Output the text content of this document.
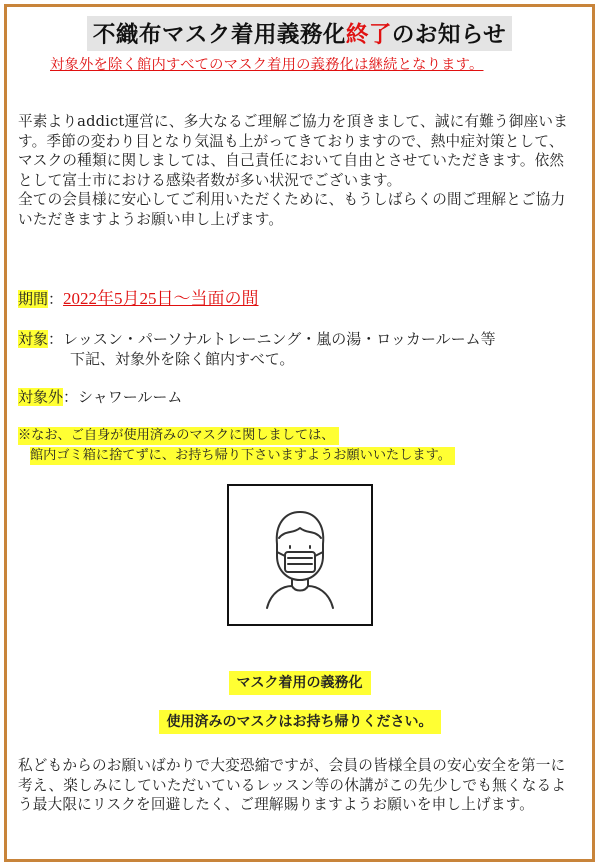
不織布マスク着用義務化終了のお知らせ
対象外を除く館内すべてのマスク着用の義務化は継続となります。
平素よりaddict運営に、多大なるご理解ご協力を頂きまして、誠に有難う御座います。季節の変わり目となり気温も上がってきておりますので、熱中症対策として、マスクの種類に関しましては、自己責任において自由とさせていただきます。依然として富士市における感染者数が多い状況でございます。
全ての会員様に安心してご利用いただくために、もうしばらくの間ご理解とご協力いただきますようお願い申し上げます。
期間：2022年5月25日〜当面の間
対象：レッスン・パーソナルトレーニング・嵐の湯・ロッカールーム等
下記、対象外を除く館内すべて。
対象外：シャワールーム
※なお、ご自身が使用済みのマスクに関しましては、
館内ゴミ箱に捨てずに、お持ち帰り下さいますようお願いいたします。
マスク着用の義務化
使用済みのマスクはお持ち帰りください。
私どもからのお願いばかりで大変恐縮ですが、会員の皆様全員の安心安全を第一に考え、楽しみにしていただいているレッスン等の休講がこの先少しでも無くなるよう最大限にリスクを回避したく、ご理解賜りますようお願いを申し上げます。
